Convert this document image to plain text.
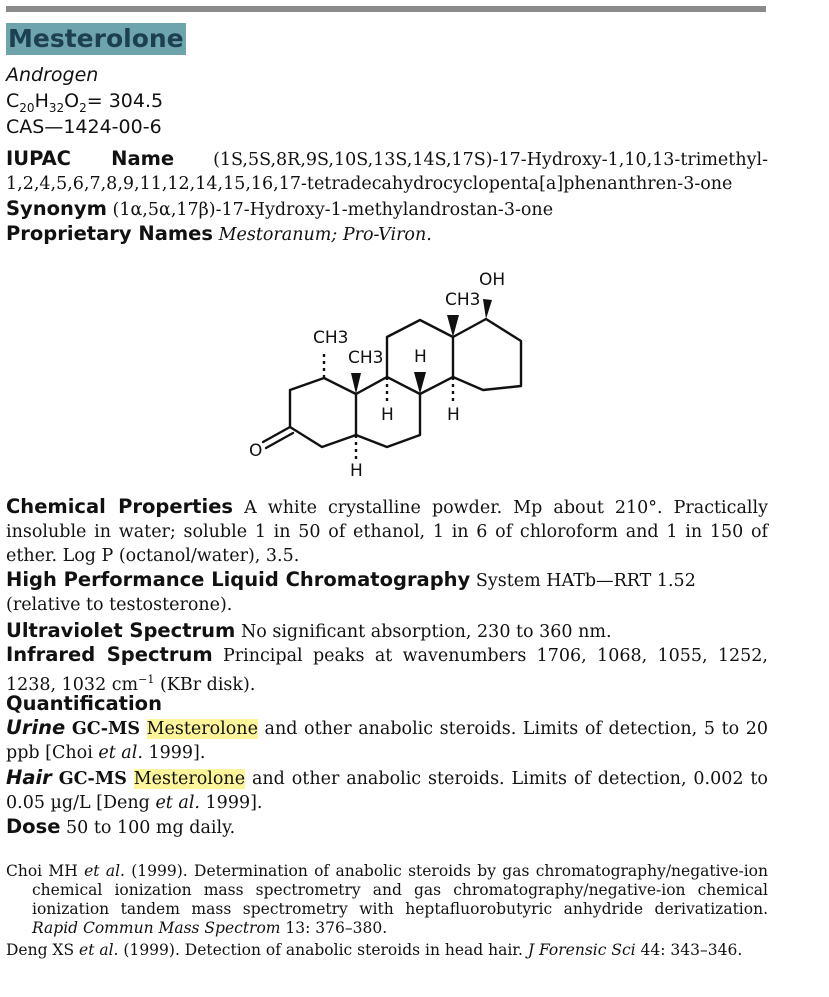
Mesterolone
Androgen
$C_{20}H_{32}O_2= 304.5$
CAS—1424-00-6
IUPAC Name (1S,5S,8R,9S,10S,13S,14S,17S)-17-Hydroxy-1,10,13-trimethyl-1,2,4,5,6,7,8,9,11,12,14,15,16,17-tetradecahydrocyclopenta[a]phenanthren-3-one
Synonym (1α,5α,17β)-17-Hydroxy-1-methylandrostan-3-one
Proprietary Names Mestoranum; Pro-Viron.
OH
CH3
CH3
CH3 H
H	H
H
O
Chemical Properties A white crystalline powder. Mp about 210°. Practically insoluble in water; soluble 1 in 50 of ethanol, 1 in 6 of chloroform and 1 in 150 of ether. Log P (octanol/water), 3.5.
High Performance Liquid Chromatography System HATb—RRT 1.52 (relative to testosterone).
Ultraviolet Spectrum No significant absorption, 230 to 360 nm.
Infrared Spectrum Principal peaks at wavenumbers 1706, 1068, 1055, 1252, 1238, 1032 $cm^{-1}$ (KBr disk).
Quantification
Urine GC-MS Mesterolone and other anabolic steroids. Limits of detection, 5 to 20 ppb [Choi et al. 1999].
Hair GC-MS Mesterolone and other anabolic steroids. Limits of detection, 0.002 to 0.05 µg/L [Deng et al. 1999].
Dose 50 to 100 mg daily.
Choi MH et al. (1999). Determination of anabolic steroids by gas chromatography/negative-ion chemical ionization mass spectrometry and gas chromatography/negative-ion chemical ionization tandem mass spectrometry with heptafluorobutyric anhydride derivatization. Rapid Commun Mass Spectrom 13: 376–380.
Deng XS et al. (1999). Detection of anabolic steroids in head hair. J Forensic Sci 44: 343–346.
